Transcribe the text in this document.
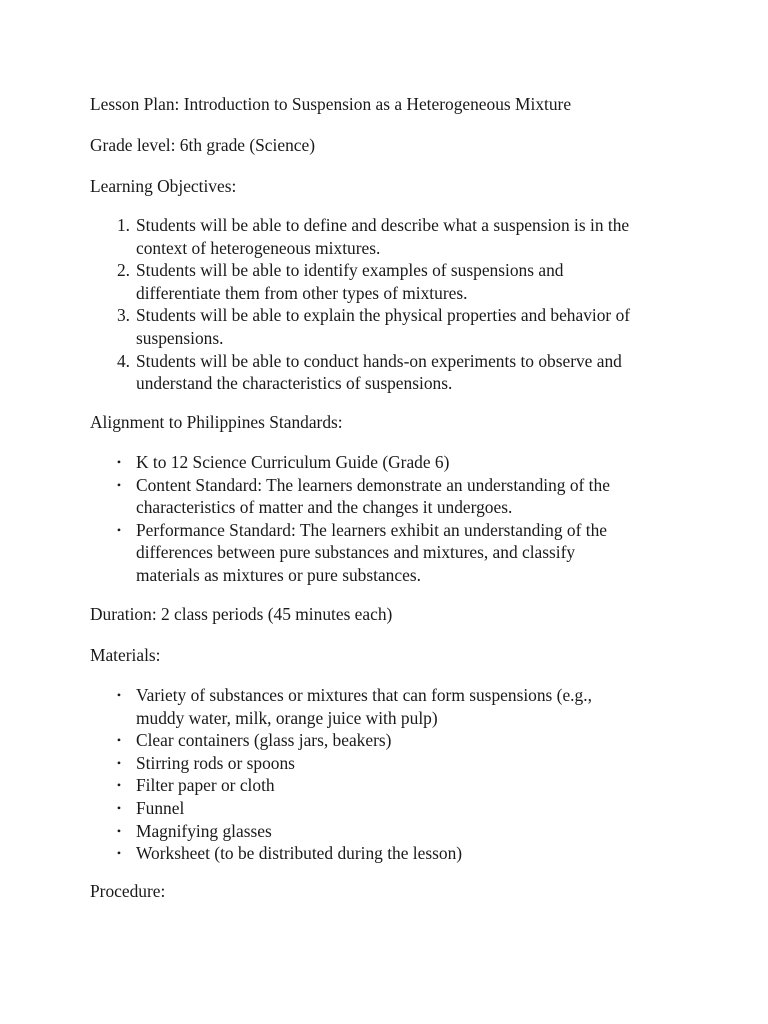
Lesson Plan: Introduction to Suspension as a Heterogeneous Mixture

Grade level: 6th grade (Science)

Learning Objectives:

1. Students will be able to define and describe what a suspension is in the
context of heterogeneous mixtures.
2. Students will be able to identify examples of suspensions and
differentiate them from other types of mixtures.
3. Students will be able to explain the physical properties and behavior of
suspensions.
4. Students will be able to conduct hands-on experiments to observe and
understand the characteristics of suspensions.

Alignment to Philippines Standards:

• K to 12 Science Curriculum Guide (Grade 6)
• Content Standard: The learners demonstrate an understanding of the
characteristics of matter and the changes it undergoes.
• Performance Standard: The learners exhibit an understanding of the
differences between pure substances and mixtures, and classify
materials as mixtures or pure substances.

Duration: 2 class periods (45 minutes each)

Materials:

• Variety of substances or mixtures that can form suspensions (e.g.,
muddy water, milk, orange juice with pulp)
• Clear containers (glass jars, beakers)
• Stirring rods or spoons
• Filter paper or cloth
• Funnel
• Magnifying glasses
• Worksheet (to be distributed during the lesson)

Procedure:
